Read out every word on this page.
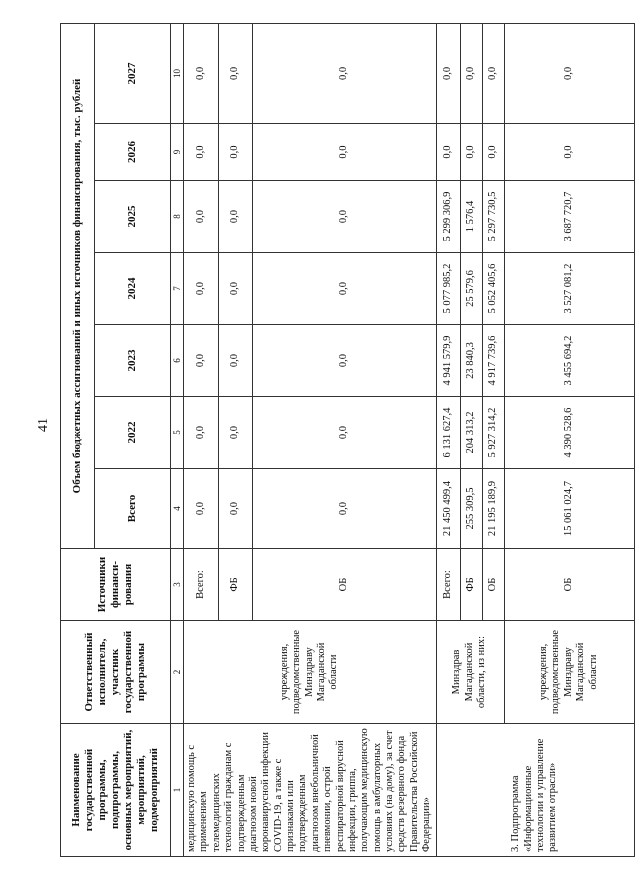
41
Наименование государственной программы, подпрограммы, основных мероприятий, мероприятий, подмероприятий	Ответственный исполнитель, участник государственной программы	Источники финанси-рования	Объем бюджетных ассигнований и иных источников финансирования, тыс. рублей						
			Всего	2022	2023	2024	2025	2026	2027
1	2	3	4	5	6	7	8	9	10
медицинскую помощь с применением телемедицинских технологий гражданам с подтвержденным диагнозом новой коронавирусной инфекции COVID-19, а также с признаками или подтвержденным диагнозом внебольничной пневмонии, острой респираторной вирусной инфекции, гриппа, получающим медицинскую помощь в амбулаторных условиях (на дому), за счет средств резервного фонда Правительства Российской Федерации»	учреждения, подведомственные Минздраву Магаданской области	Всего:	0,0	0,0	0,0	0,0	0,0	0,0	0,0
		ФБ	0,0	0,0	0,0	0,0	0,0	0,0	0,0
		ОБ	0,0	0,0	0,0	0,0	0,0	0,0	0,0
3. Подпрограмма «Информационные технологии и управление развитием отрасли»	Минздрав Магаданской области, из них:	Всего:	21 450 499,4	6 131 627,4	4 941 579,9	5 077 985,2	5 299 306,9	0,0	0,0
		ФБ	255 309,5	204 313,2	23 840,3	25 579,6	1 576,4	0,0	0,0
		ОБ	21 195 189,9	5 927 314,2	4 917 739,6	5 052 405,6	5 297 730,5	0,0	0,0
	учреждения, подведомственные Минздраву Магаданской области	ОБ	15 061 024,7	4 390 528,6	3 455 694,2	3 527 081,2	3 687 720,7	0,0	0,0
